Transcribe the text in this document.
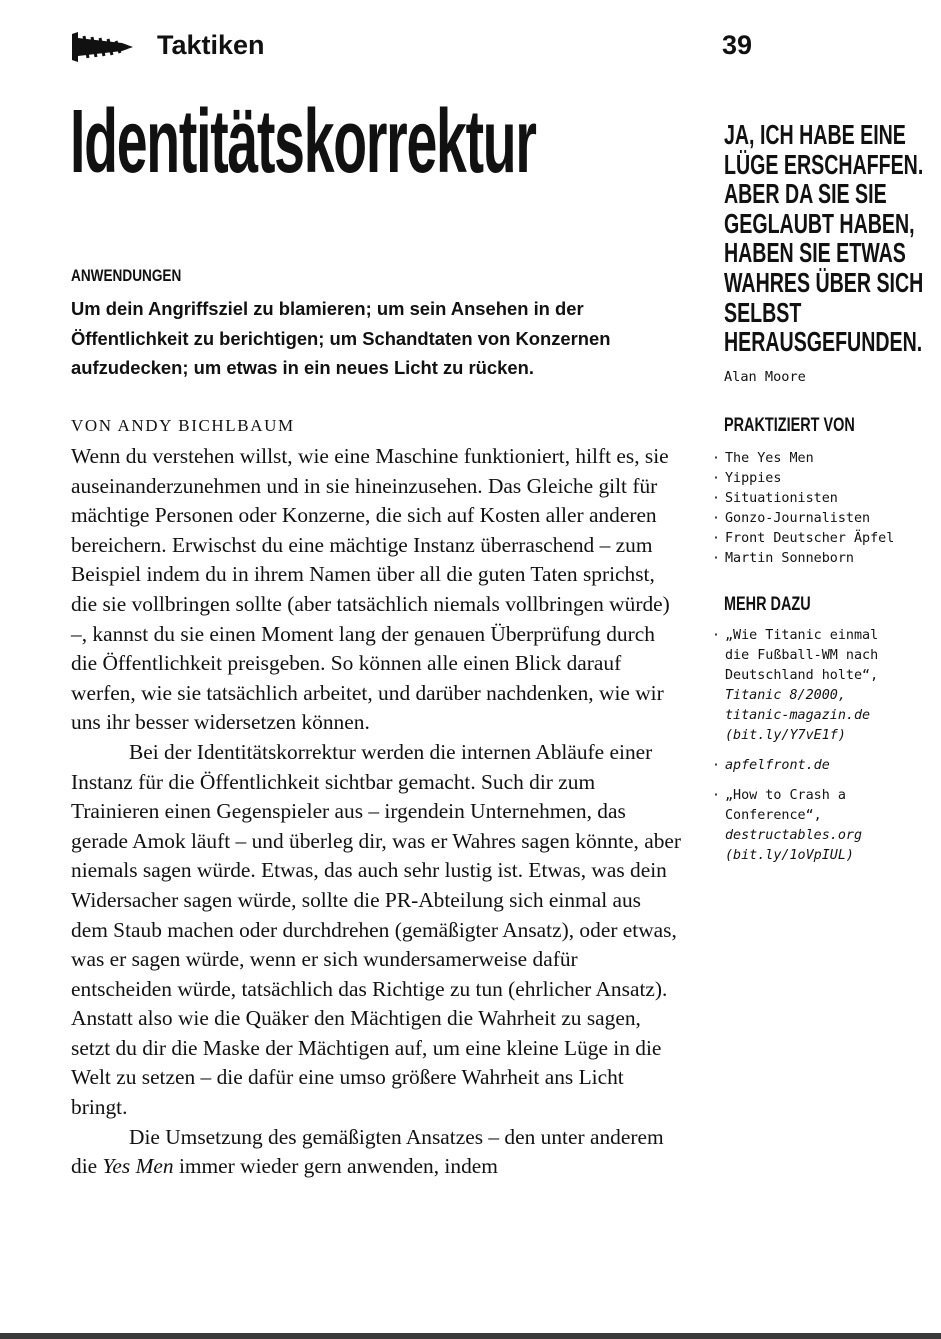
Taktiken	39
Identitätskorrektur
ANWENDUNGEN

Um dein Angriffsziel zu blamieren; um sein Ansehen in der Öffentlichkeit zu berichtigen; um Schandtaten von Konzernen aufzudecken; um etwas in ein neues Licht zu rücken.

VON ANDY BICHLBAUM

Wenn du verstehen willst, wie eine Maschine funktioniert, hilft es, sie auseinanderzunehmen und in sie hineinzusehen. Das Gleiche gilt für mächtige Personen oder Konzerne, die sich auf Kosten aller anderen bereichern. Erwischst du eine mächtige Instanz überraschend – zum Beispiel indem du in ihrem Namen über all die guten Taten sprichst, die sie vollbringen sollte (aber tatsächlich niemals vollbringen würde) –, kannst du sie einen Moment lang der genauen Überprüfung durch die Öffentlichkeit preisgeben. So können alle einen Blick darauf werfen, wie sie tatsächlich arbeitet, und darüber nachdenken, wie wir uns ihr besser widersetzen können.

Bei der Identitätskorrektur werden die internen Abläufe einer Instanz für die Öffentlichkeit sichtbar gemacht. Such dir zum Trainieren einen Gegenspieler aus – irgendein Unternehmen, das gerade Amok läuft – und überleg dir, was er Wahres sagen könnte, aber niemals sagen würde. Etwas, das auch sehr lustig ist. Etwas, was dein Widersacher sagen würde, sollte die PR-Abteilung sich einmal aus dem Staub machen oder durchdrehen (gemäßigter Ansatz), oder etwas, was er sagen würde, wenn er sich wundersamerweise dafür entscheiden würde, tatsächlich das Richtige zu tun (ehrlicher Ansatz). Anstatt also wie die Quäker den Mächtigen die Wahrheit zu sagen, setzt du dir die Maske der Mächtigen auf, um eine kleine Lüge in die Welt zu setzen – die dafür eine umso größere Wahrheit ans Licht bringt.

Die Umsetzung des gemäßigten Ansatzes – den unter anderem die Yes Men immer wieder gern anwenden, indem

JA, ICH HABE EINE LÜGE ERSCHAFFEN. ABER DA SIE SIE GEGLAUBT HABEN, HABEN SIE ETWAS WAHRES ÜBER SICH SELBST HERAUSGEFUNDEN.

Alan Moore
PRAKTIZIERT VON
· The Yes Men
· Yippies
· Situationisten
· Gonzo-Journalisten
· Front Deutscher Äpfel
· Martin Sonneborn
MEHR DAZU
· „Wie Titanic einmal die Fußball-WM nach Deutschland holte“, Titanic 8/2000, titanic-magazin.de (bit.ly/Y7vE1f)
· apfelfront.de
· „How to Crash a Conference“, destructables.org (bit.ly/1oVpIUL)
